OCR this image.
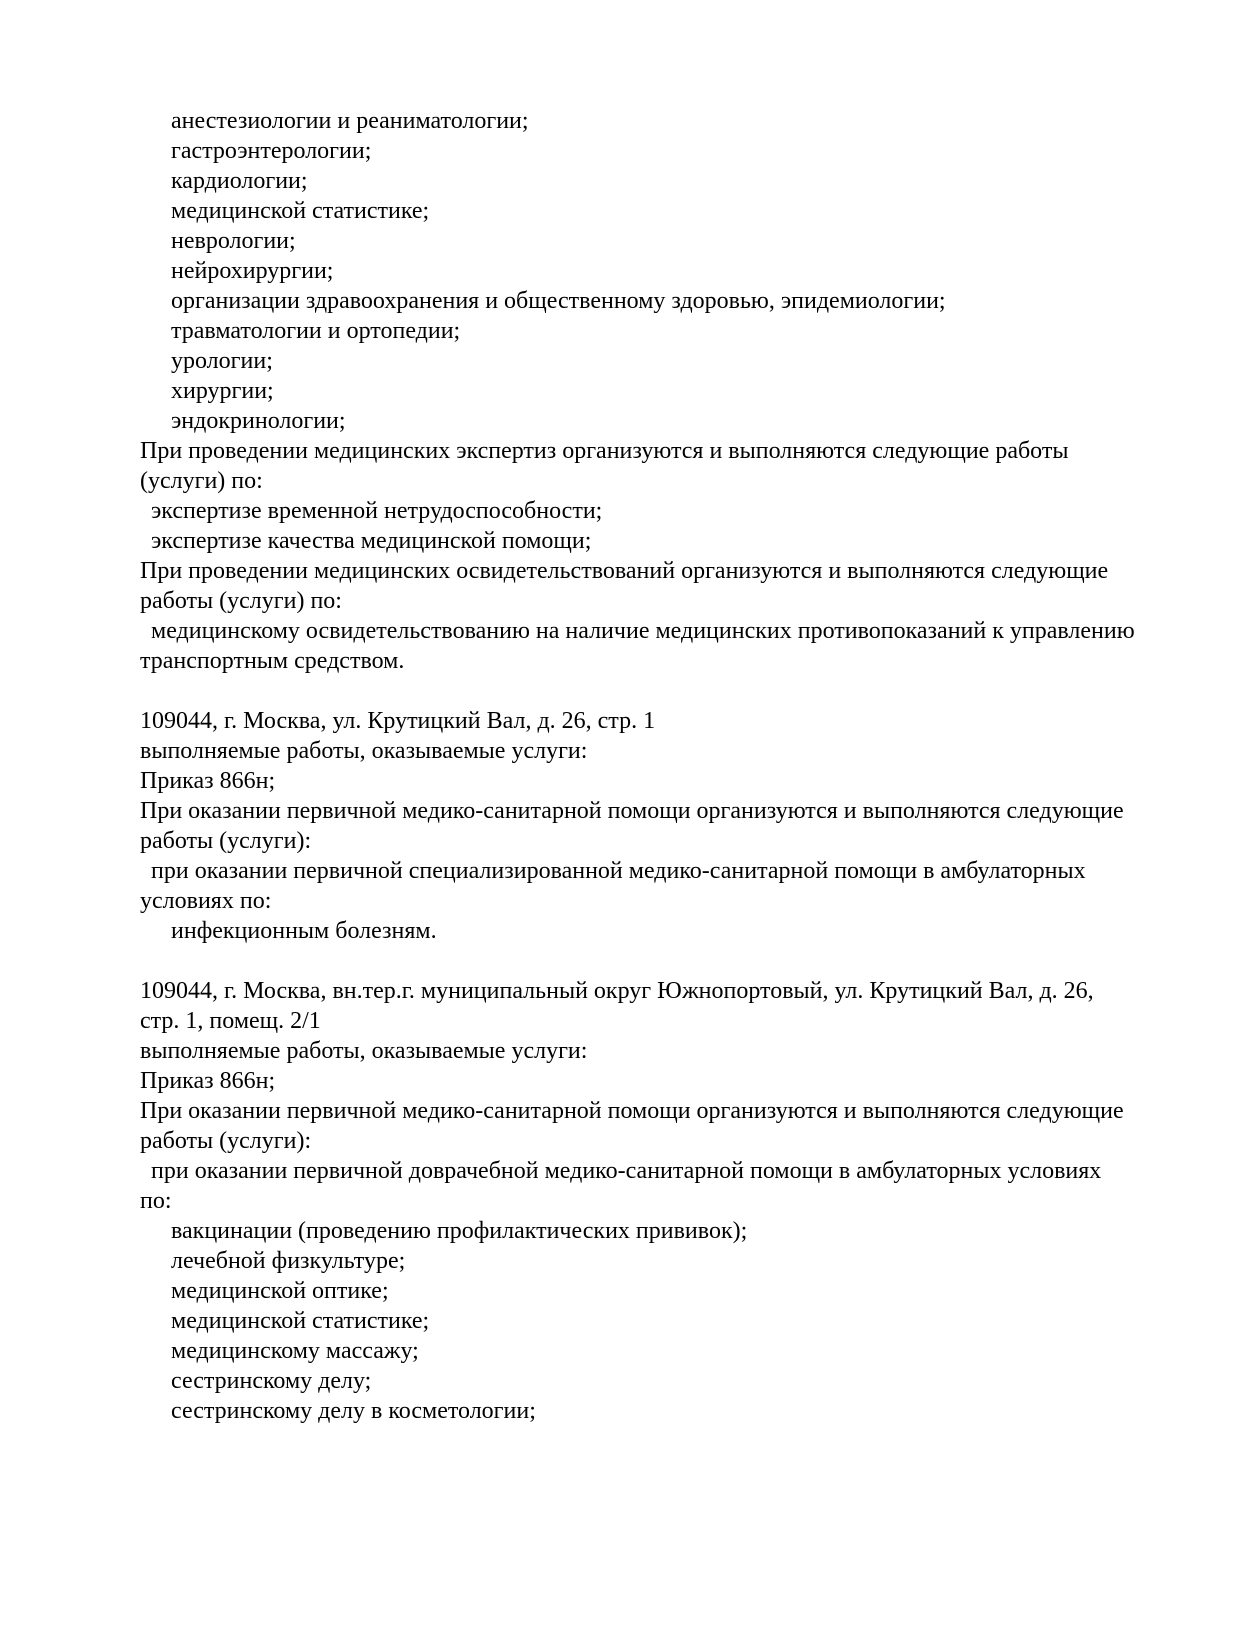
анестезиологии и реаниматологии;
гастроэнтерологии;
кардиологии;
медицинской статистике;
неврологии;
нейрохирургии;
организации здравоохранения и общественному здоровью, эпидемиологии;
травматологии и ортопедии;
урологии;
хирургии;
эндокринологии;
При проведении медицинских экспертиз организуются и выполняются следующие работы
(услуги) по:
экспертизе временной нетрудоспособности;
экспертизе качества медицинской помощи;
При проведении медицинских освидетельствований организуются и выполняются следующие
работы (услуги) по:
медицинскому освидетельствованию на наличие медицинских противопоказаний к управлению
транспортным средством.
109044, г. Москва, ул. Крутицкий Вал, д. 26, стр. 1
выполняемые работы, оказываемые услуги:
Приказ 866н;
При оказании первичной медико-санитарной помощи организуются и выполняются следующие
работы (услуги):
при оказании первичной специализированной медико-санитарной помощи в амбулаторных
условиях по:
инфекционным болезням.
109044, г. Москва, вн.тер.г. муниципальный округ Южнопортовый, ул. Крутицкий Вал, д. 26,
стр. 1, помещ. 2/1
выполняемые работы, оказываемые услуги:
Приказ 866н;
При оказании первичной медико-санитарной помощи организуются и выполняются следующие
работы (услуги):
при оказании первичной доврачебной медико-санитарной помощи в амбулаторных условиях
по:
вакцинации (проведению профилактических прививок);
лечебной физкультуре;
медицинской оптике;
медицинской статистике;
медицинскому массажу;
сестринскому делу;
сестринскому делу в косметологии;
